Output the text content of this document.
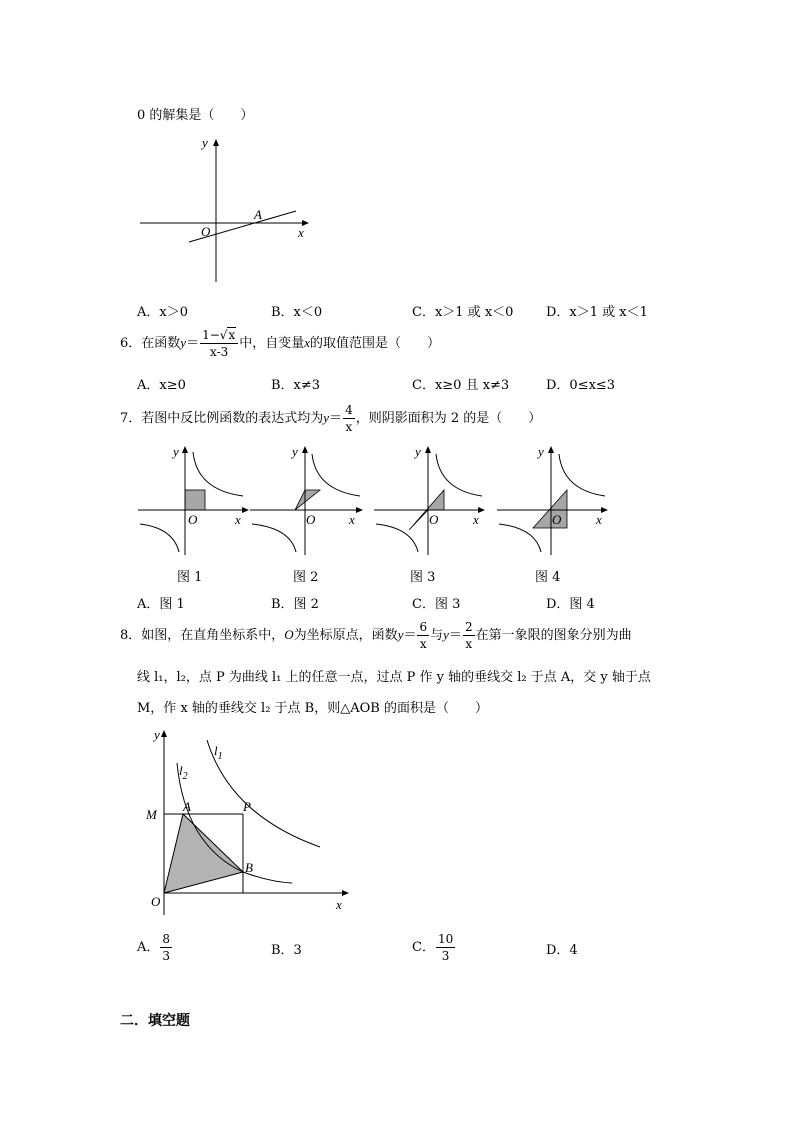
0 的解集是（　　）
y
x
O
A
A．x＞0	B．x＜0	C．x＞1 或 x＜0	D．x＞1 或 x＜1
6．在函数$y= \frac{1-√x}{x-3}$ 中，自变量x的取值范围是（　　）
A．x≥0	B．x≠3	C．x≥0 且 x≠3	D．0≤x≤3
7．若图中反比例函数的表达式均为$y= \frac{4}{x}$ ，则阴影面积为 2 的是（　　）
y
x
O
y
x
O
y
x
O
y
x
O
图 1	图 2	图 3	图 4
A．图 1	B．图 2	C．图 3	D．图 4
8．如图，在直角坐标系中，O为坐标原点，函数$y= \frac{6}{x}$ 与$y= \frac{2}{x}$ 在第一象限的图象分别为曲
线 l₁，l₂，点 P 为曲线 l₁ 上的任意一点，过点 P 作 y 轴的垂线交 l₂ 于点 A，交 y 轴于点
M，作 x 轴的垂线交 l₂ 于点 B，则△AOB 的面积是（　　）
y
x
O
M
A	P
B
$l_1$
$l_2$
A． $\frac{8}{3}$	B．3	C． $\frac{10}{3}$	D．4
二．填空题
